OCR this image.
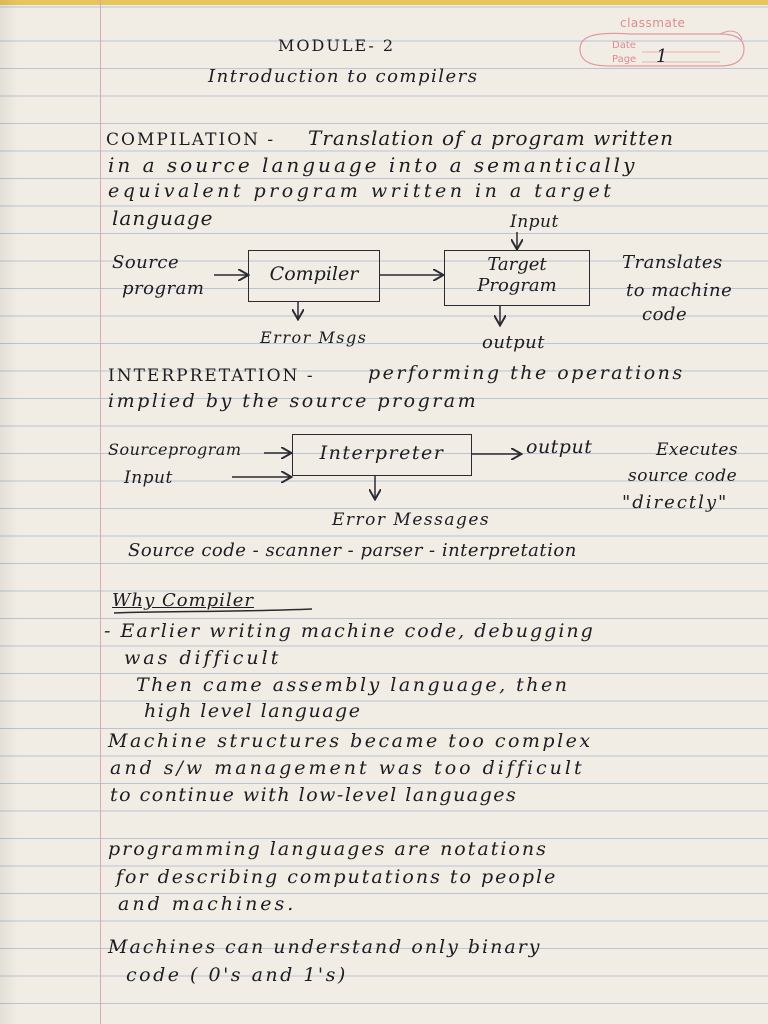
classmate
Date
Page 1
MODULE- 2
Introduction to compilers
COMPILATION - Translation of a program written
in a source language into a semantically
equivalent program written in a target
language	Input
Source
program
Compiler	Target
Program
Error Msgs	output
Translates
to machine
code
INTERPRETATION -	performing the operations
implied by the source program
Sourceprogram
Input
Interpreter	output
Error Messages
Executes
source code
"directly"
Source code - scanner - parser - interpretation
Why Compiler
- Earlier writing machine code, debugging
was difficult
Then came assembly language, then
high level language
Machine structures became too complex
and s/w management was too difficult
to continue with low-level languages
programming languages are notations
for describing computations to people
and machines.
Machines can understand only binary
code ( 0's and 1's)
